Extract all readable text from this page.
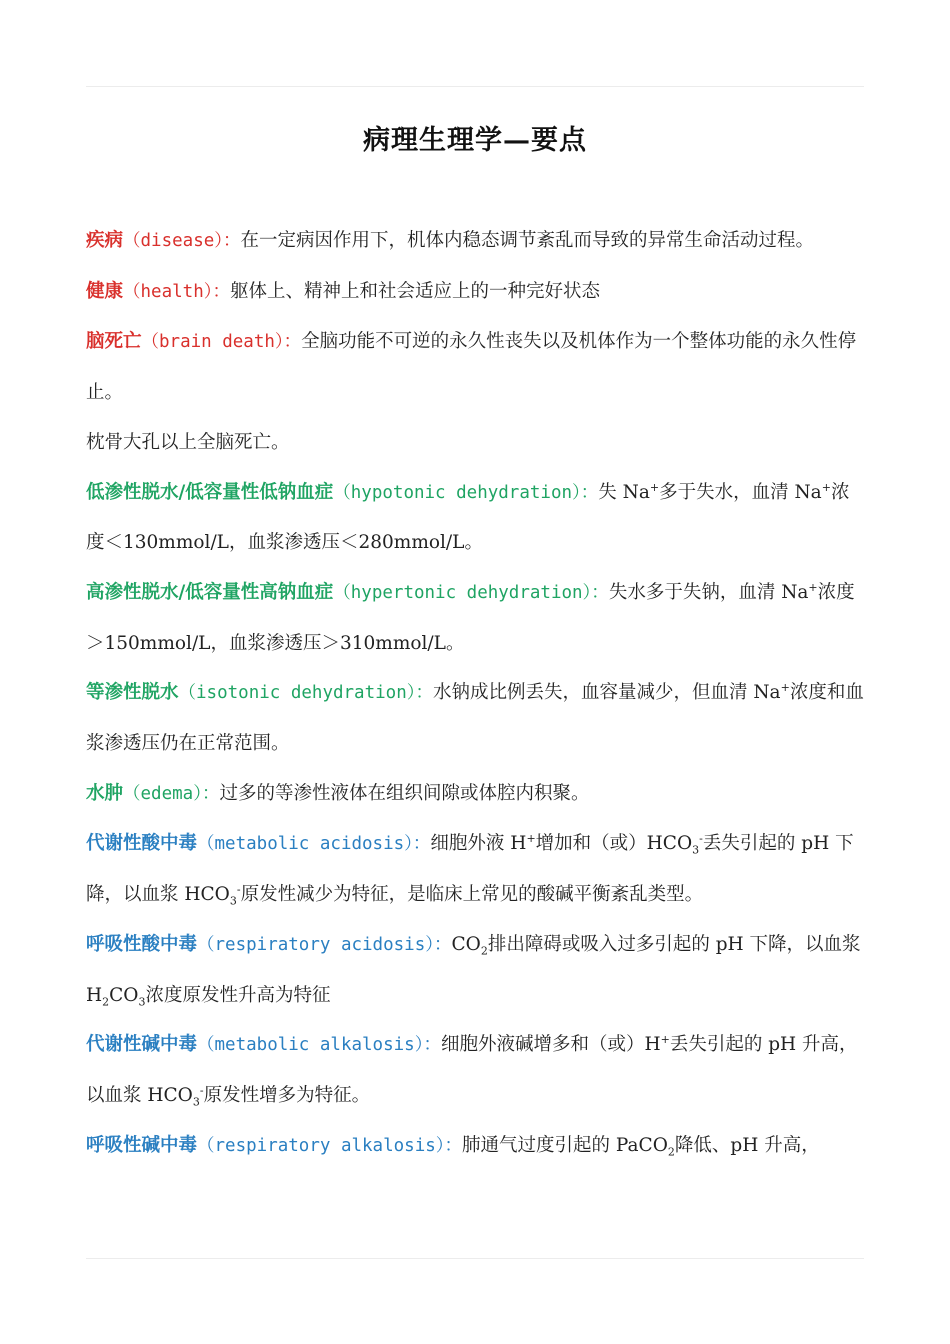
病理生理学—要点

疾病（disease）：在一定病因作用下，机体内稳态调节紊乱而导致的异常生命活动过程。

健康（health）：躯体上、精神上和社会适应上的一种完好状态

脑死亡（brain death）：全脑功能不可逆的永久性丧失以及机体作为一个整体功能的永久性停止。

枕骨大孔以上全脑死亡。

低渗性脱水/低容量性低钠血症（hypotonic dehydration）：失 Na+多于失水，血清 Na+浓度＜130mmol/L，血浆渗透压＜280mmol/L。

高渗性脱水/低容量性高钠血症（hypertonic dehydration）：失水多于失钠，血清 Na+浓度＞150mmol/L，血浆渗透压＞310mmol/L。

等渗性脱水（isotonic dehydration）：水钠成比例丢失，血容量减少，但血清 Na+浓度和血浆渗透压仍在正常范围。

水肿（edema）：过多的等渗性液体在组织间隙或体腔内积聚。

代谢性酸中毒（metabolic acidosis）：细胞外液 H+增加和（或）$HCO_3^-$丢失引起的 pH 下降，以血浆 $HCO_3^-$原发性减少为特征，是临床上常见的酸碱平衡紊乱类型。

呼吸性酸中毒（respiratory acidosis）：$CO_2$排出障碍或吸入过多引起的 pH 下降，以血浆 $H_2CO_3$浓度原发性升高为特征

代谢性碱中毒（metabolic alkalosis）：细胞外液碱增多和（或）H+丢失引起的 pH 升高，以血浆 $HCO_3^-$原发性增多为特征。

呼吸性碱中毒（respiratory alkalosis）：肺通气过度引起的 PaCO$_2$降低、pH 升高，
